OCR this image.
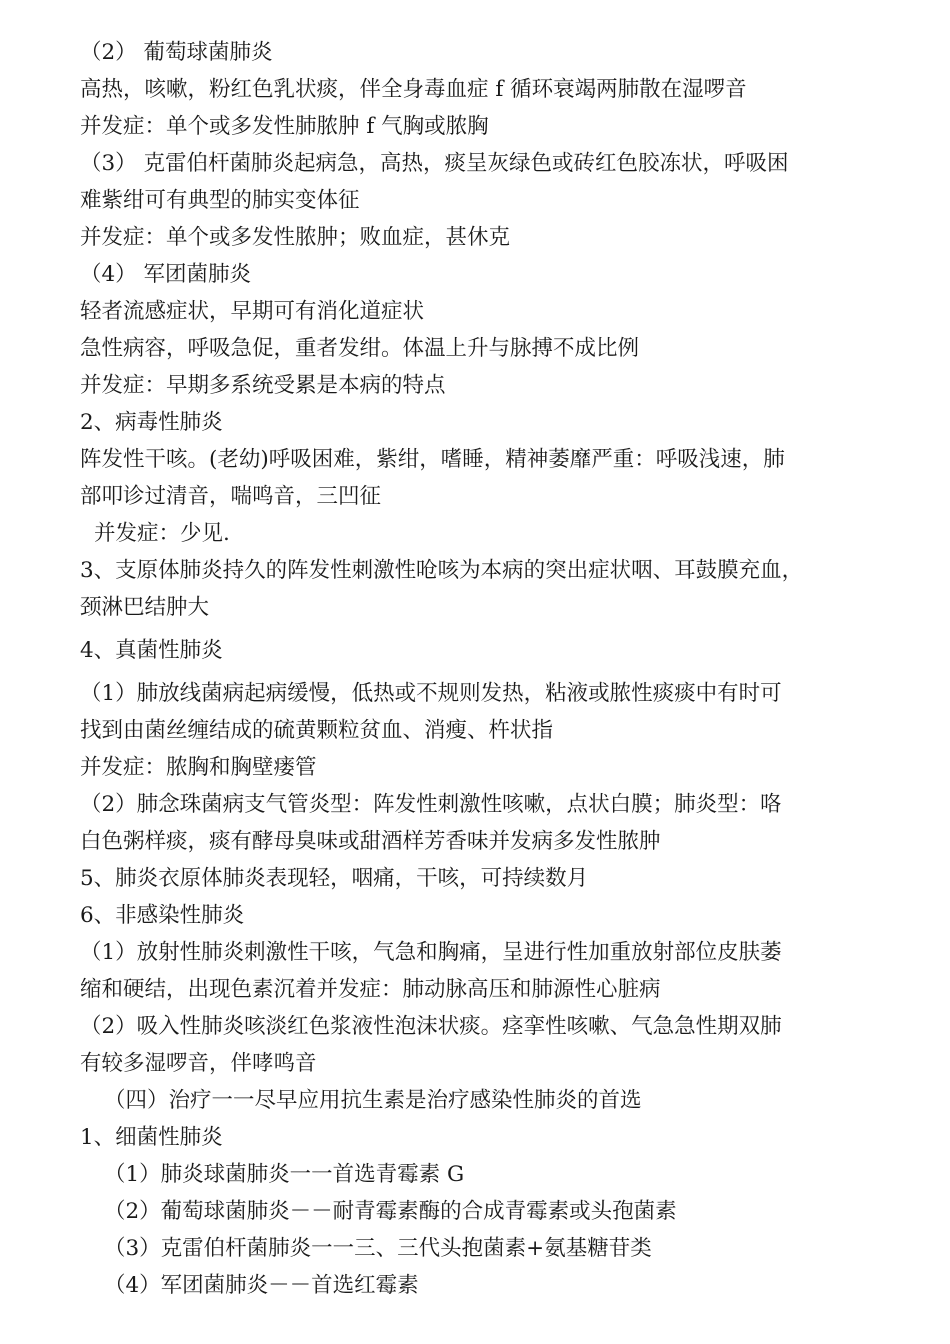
（2） 葡萄球菌肺炎
高热，咳嗽，粉红色乳状痰，伴全身毒血症 f 循环衰竭两肺散在湿啰音
并发症：单个或多发性肺脓肿 f 气胸或脓胸
（3） 克雷伯杆菌肺炎起病急，高热，痰呈灰绿色或砖红色胶冻状，呼吸困
难紫绀可有典型的肺实变体征
并发症：单个或多发性脓肿；败血症，甚休克
（4） 军团菌肺炎
轻者流感症状，早期可有消化道症状
急性病容，呼吸急促，重者发绀。体温上升与脉搏不成比例
并发症：早期多系统受累是本病的特点
2、病毒性肺炎
阵发性干咳。(老幼)呼吸困难，紫绀，嗜睡，精神萎靡严重：呼吸浅速，肺
部叩诊过清音，喘鸣音，三凹征
并发症：少见.
3、支原体肺炎持久的阵发性刺激性呛咳为本病的突出症状咽、耳鼓膜充血，
颈淋巴结肿大
4、真菌性肺炎
（1）肺放线菌病起病缓慢，低热或不规则发热，粘液或脓性痰痰中有时可
找到由菌丝缠结成的硫黄颗粒贫血、消瘦、杵状指
并发症：脓胸和胸壁瘘管
（2）肺念珠菌病支气管炎型：阵发性刺激性咳嗽，点状白膜；肺炎型：咯
白色粥样痰，痰有酵母臭味或甜酒样芳香味并发病多发性脓肿
5、肺炎衣原体肺炎表现轻，咽痛，干咳，可持续数月
6、非感染性肺炎
（1）放射性肺炎刺激性干咳，气急和胸痛，呈进行性加重放射部位皮肤萎
缩和硬结，出现色素沉着并发症：肺动脉高压和肺源性心脏病
（2）吸入性肺炎咳淡红色浆液性泡沫状痰。痉挛性咳嗽、气急急性期双肺
有较多湿啰音，伴哮鸣音
（四）治疗一一尽早应用抗生素是治疗感染性肺炎的首选
1、细菌性肺炎
（1）肺炎球菌肺炎一一首选青霉素 G
（2）葡萄球菌肺炎－－耐青霉素酶的合成青霉素或头孢菌素
（3）克雷伯杆菌肺炎一一三、三代头抱菌素+氨基糖苷类
（4）军团菌肺炎－－首选红霉素
